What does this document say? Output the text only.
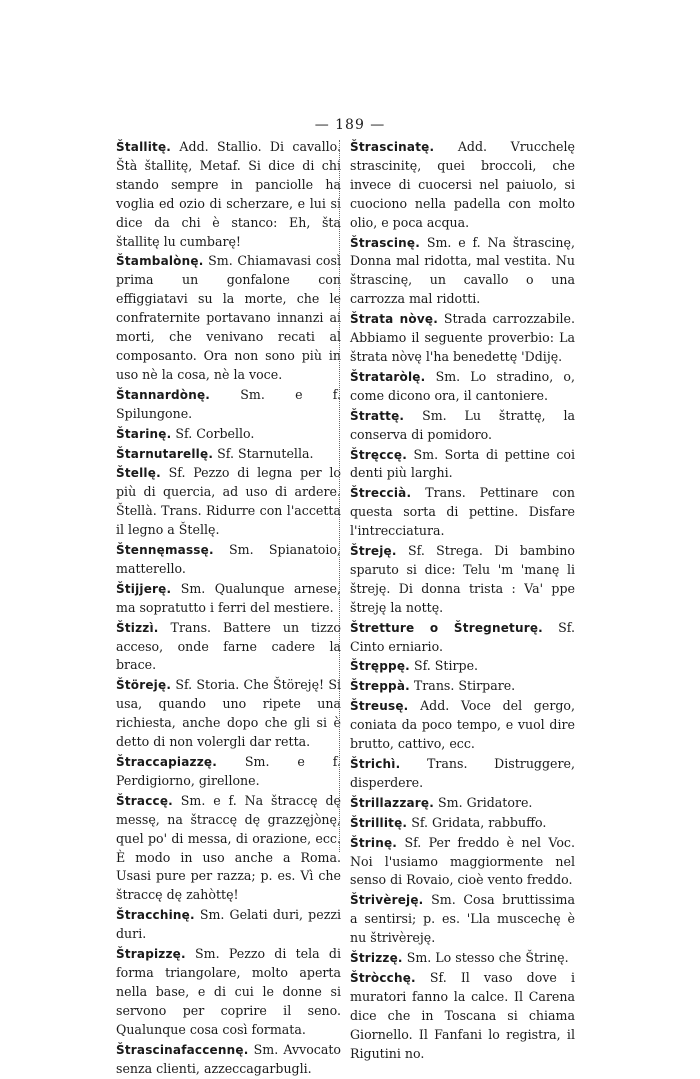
— 189 —

Štallitę. Add. Stallio. Di cavallo. Štà štallitę, Metaf. Si dice di chi stando sempre in panciolle ha voglia ed ozio di scherzare, e lui si dice da chi è stanco: Eh, šta štallitę lu cumbarę!

Štambalònę. Sm. Chiamavasi così prima un gonfalone con effiggiatavi su la morte, che le confraternite portavano innanzi ai morti, che venivano recati al composanto. Ora non sono più in uso nè la cosa, nè la voce.

Štannardònę. Sm. e f. Spilungone.

Štarinę. Sf. Corbello.

Štarnutarellę. Sf. Starnutella.

Štellę. Sf. Pezzo di legna per lo più di quercia, ad uso di ardere. Štellà. Trans. Ridurre con l'accetta il legno a Štellę.

Štennęmassę. Sm. Spianatoio, matterello.

Štijjerę. Sm. Qualunque arnese, ma sopratutto i ferri del mestiere.

Štizzì. Trans. Battere un tizzo acceso, onde farne cadere la brace.

Štöreję. Sf. Storia. Che Štöreję! Si usa, quando uno ripete una richiesta, anche dopo che gli si è detto di non volergli dar retta.

Štraccapiazzę. Sm. e f. Perdigiorno, girellone.

Štraccę. Sm. e f. Na štraccę dę messę, na štraccę dę grazzęjònę, quel po' di messa, di orazione, ecc. È modo in uso anche a Roma. Usasi pure per razza; p. es. Vì che štraccę dę zahòttę!

Štracchinę. Sm. Gelati duri, pezzi duri.

Štrapizzę. Sm. Pezzo di tela di forma triangolare, molto aperta nella base, e di cui le donne si servono per coprire il seno. Qualunque cosa così formata.

Štrascinafaccennę. Sm. Avvocato senza clienti, azzeccagarbugli.

Štrascinatę. Add. Vrucchelę strascinitę, quei broccoli, che invece di cuocersi nel paiuolo, si cuociono nella padella con molto olio, e poca acqua.

Štrascinę. Sm. e f. Na štrascinę, Donna mal ridotta, mal vestita. Nu štrascinę, un cavallo o una carrozza mal ridotti.

Štrata nòvę. Strada carrozzabile. Abbiamo il seguente proverbio: La štrata nòvę l'ha benedettę 'Ddiję.

Štrataròlę. Sm. Lo stradino, o, come dicono ora, il cantoniere.

Štrattę. Sm. Lu štrattę, la conserva di pomidoro.

Štręccę. Sm. Sorta di pettine coi denti più larghi.

Štreccià. Trans. Pettinare con questa sorta di pettine. Disfare l'intrecciatura.

Štreję. Sf. Strega. Di bambino sparuto si dice: Telu 'm 'manę li štreję. Di donna trista : Va' ppe štreję la nottę.

Štretture o Štregneturę. Sf. Cinto erniario.

Štręppę. Sf. Stirpe.

Štreppà. Trans. Stirpare.

Štreusę. Add. Voce del gergo, coniata da poco tempo, e vuol dire brutto, cattivo, ecc.

Štrichì. Trans. Distruggere, disperdere.

Štrillazzarę. Sm. Gridatore.

Štrillitę. Sf. Gridata, rabbuffo.

Štrinę. Sf. Per freddo è nel Voc. Noi l'usiamo maggiormente nel senso di Rovaio, cioè vento freddo.

Štrivèreję. Sm. Cosa bruttissima a sentirsi; p. es. 'Lla muscechę è nu štrivèreję.

Štrizzę. Sm. Lo stesso che Štrinę.

Štròcchę. Sf. Il vaso dove i muratori fanno la calce. Il Carena dice che in Toscana si chiama Giornello. Il Fanfani lo registra, il Rigutini no.
